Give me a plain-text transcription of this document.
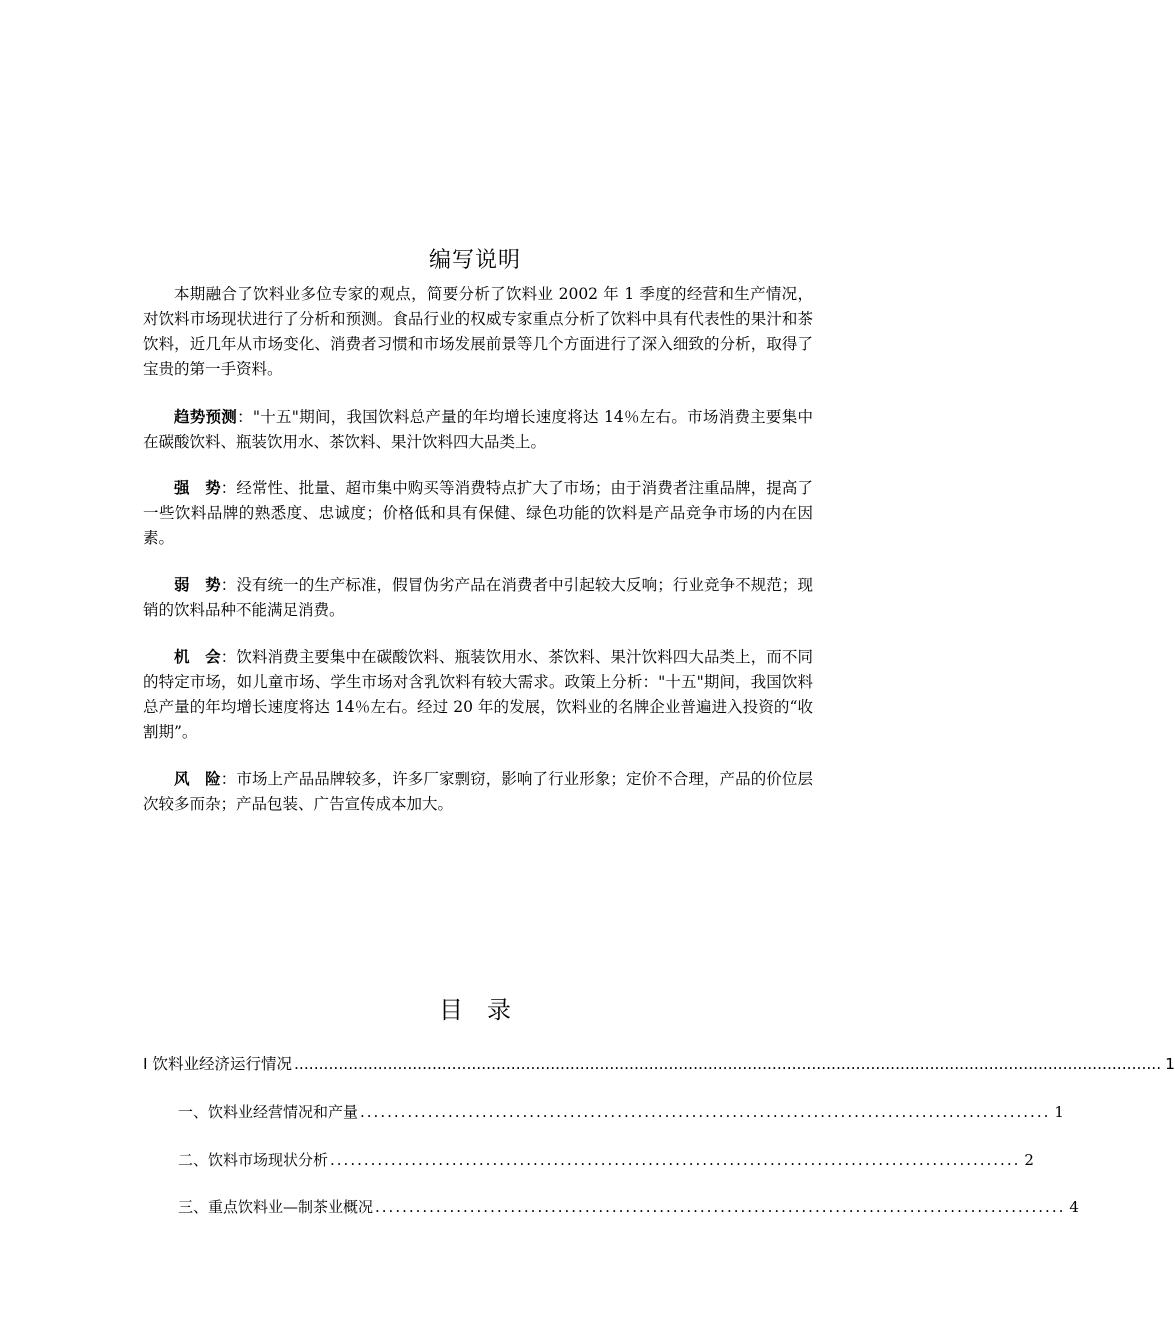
编写说明

本期融合了饮料业多位专家的观点，简要分析了饮料业 2002 年 1 季度的经营和生产情况，对饮料市场现状进行了分析和预测。食品行业的权威专家重点分析了饮料中具有代表性的果汁和茶饮料，近几年从市场变化、消费者习惯和市场发展前景等几个方面进行了深入细致的分析，取得了宝贵的第一手资料。

趋势预测："十五"期间，我国饮料总产量的年均增长速度将达 14％左右。市场消费主要集中在碳酸饮料、瓶装饮用水、茶饮料、果汁饮料四大品类上。

强　势：经常性、批量、超市集中购买等消费特点扩大了市场；由于消费者注重品牌，提高了一些饮料品牌的熟悉度、忠诚度；价格低和具有保健、绿色功能的饮料是产品竞争市场的内在因素。

弱　势：没有统一的生产标准，假冒伪劣产品在消费者中引起较大反响；行业竞争不规范；现销的饮料品种不能满足消费。

机　会：饮料消费主要集中在碳酸饮料、瓶装饮用水、茶饮料、果汁饮料四大品类上，而不同的特定市场，如儿童市场、学生市场对含乳饮料有较大需求。政策上分析："十五"期间，我国饮料总产量的年均增长速度将达 14％左右。经过 20 年的发展，饮料业的名牌企业普遍进入投资的“收割期”。

风　险：市场上产品品牌较多，许多厂家剽窃，影响了行业形象；定价不合理，产品的价位层次较多而杂；产品包装、广告宣传成本加大。

目录
I 饮料业经济运行情况 ................................................................................................................................................................................ 1
一、饮料业经营情况和产量 ...................................................................................................... 1
二、饮料市场现状分析 ...................................................................................................... 2
三、重点饮料业—制茶业概况 ...................................................................................................... 4
